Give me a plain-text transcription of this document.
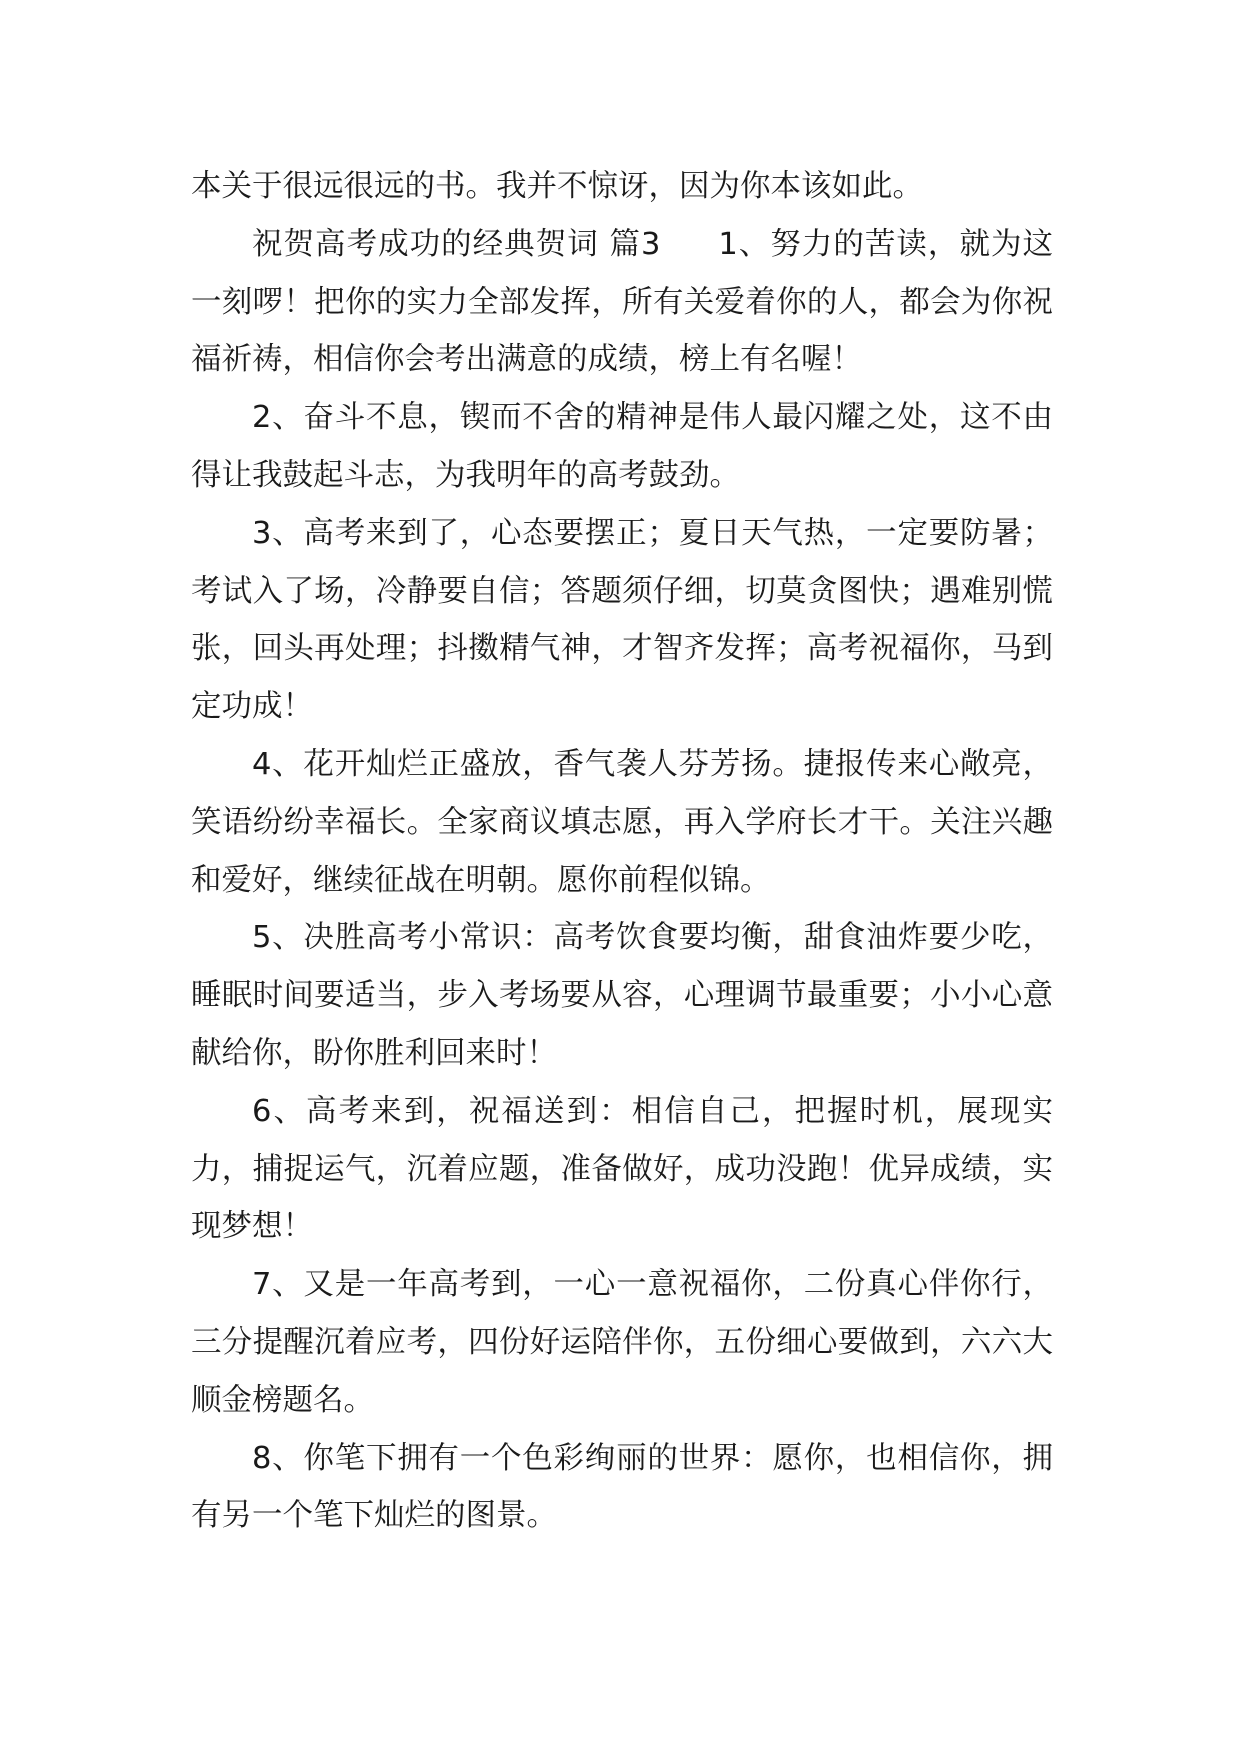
本关于很远很远的书。我并不惊讶，因为你本该如此。

祝贺高考成功的经典贺词 篇3 1、努力的苦读，就为这一刻啰！把你的实力全部发挥，所有关爱着你的人，都会为你祝福祈祷，相信你会考出满意的成绩，榜上有名喔！

2、奋斗不息，锲而不舍的精神是伟人最闪耀之处，这不由得让我鼓起斗志，为我明年的高考鼓劲。

3、高考来到了，心态要摆正；夏日天气热，一定要防暑；考试入了场，冷静要自信；答题须仔细，切莫贪图快；遇难别慌张，回头再处理；抖擞精气神，才智齐发挥；高考祝福你，马到定功成！

4、花开灿烂正盛放，香气袭人芬芳扬。捷报传来心敞亮，笑语纷纷幸福长。全家商议填志愿，再入学府长才干。关注兴趣和爱好，继续征战在明朝。愿你前程似锦。

5、决胜高考小常识：高考饮食要均衡，甜食油炸要少吃，睡眠时间要适当，步入考场要从容，心理调节最重要；小小心意献给你，盼你胜利回来时！

6、高考来到，祝福送到：相信自己，把握时机，展现实力，捕捉运气，沉着应题，准备做好，成功没跑！优异成绩，实现梦想！

7、又是一年高考到，一心一意祝福你，二份真心伴你行，三分提醒沉着应考，四份好运陪伴你，五份细心要做到，六六大顺金榜题名。

8、你笔下拥有一个色彩绚丽的世界：愿你，也相信你，拥有另一个笔下灿烂的图景。
